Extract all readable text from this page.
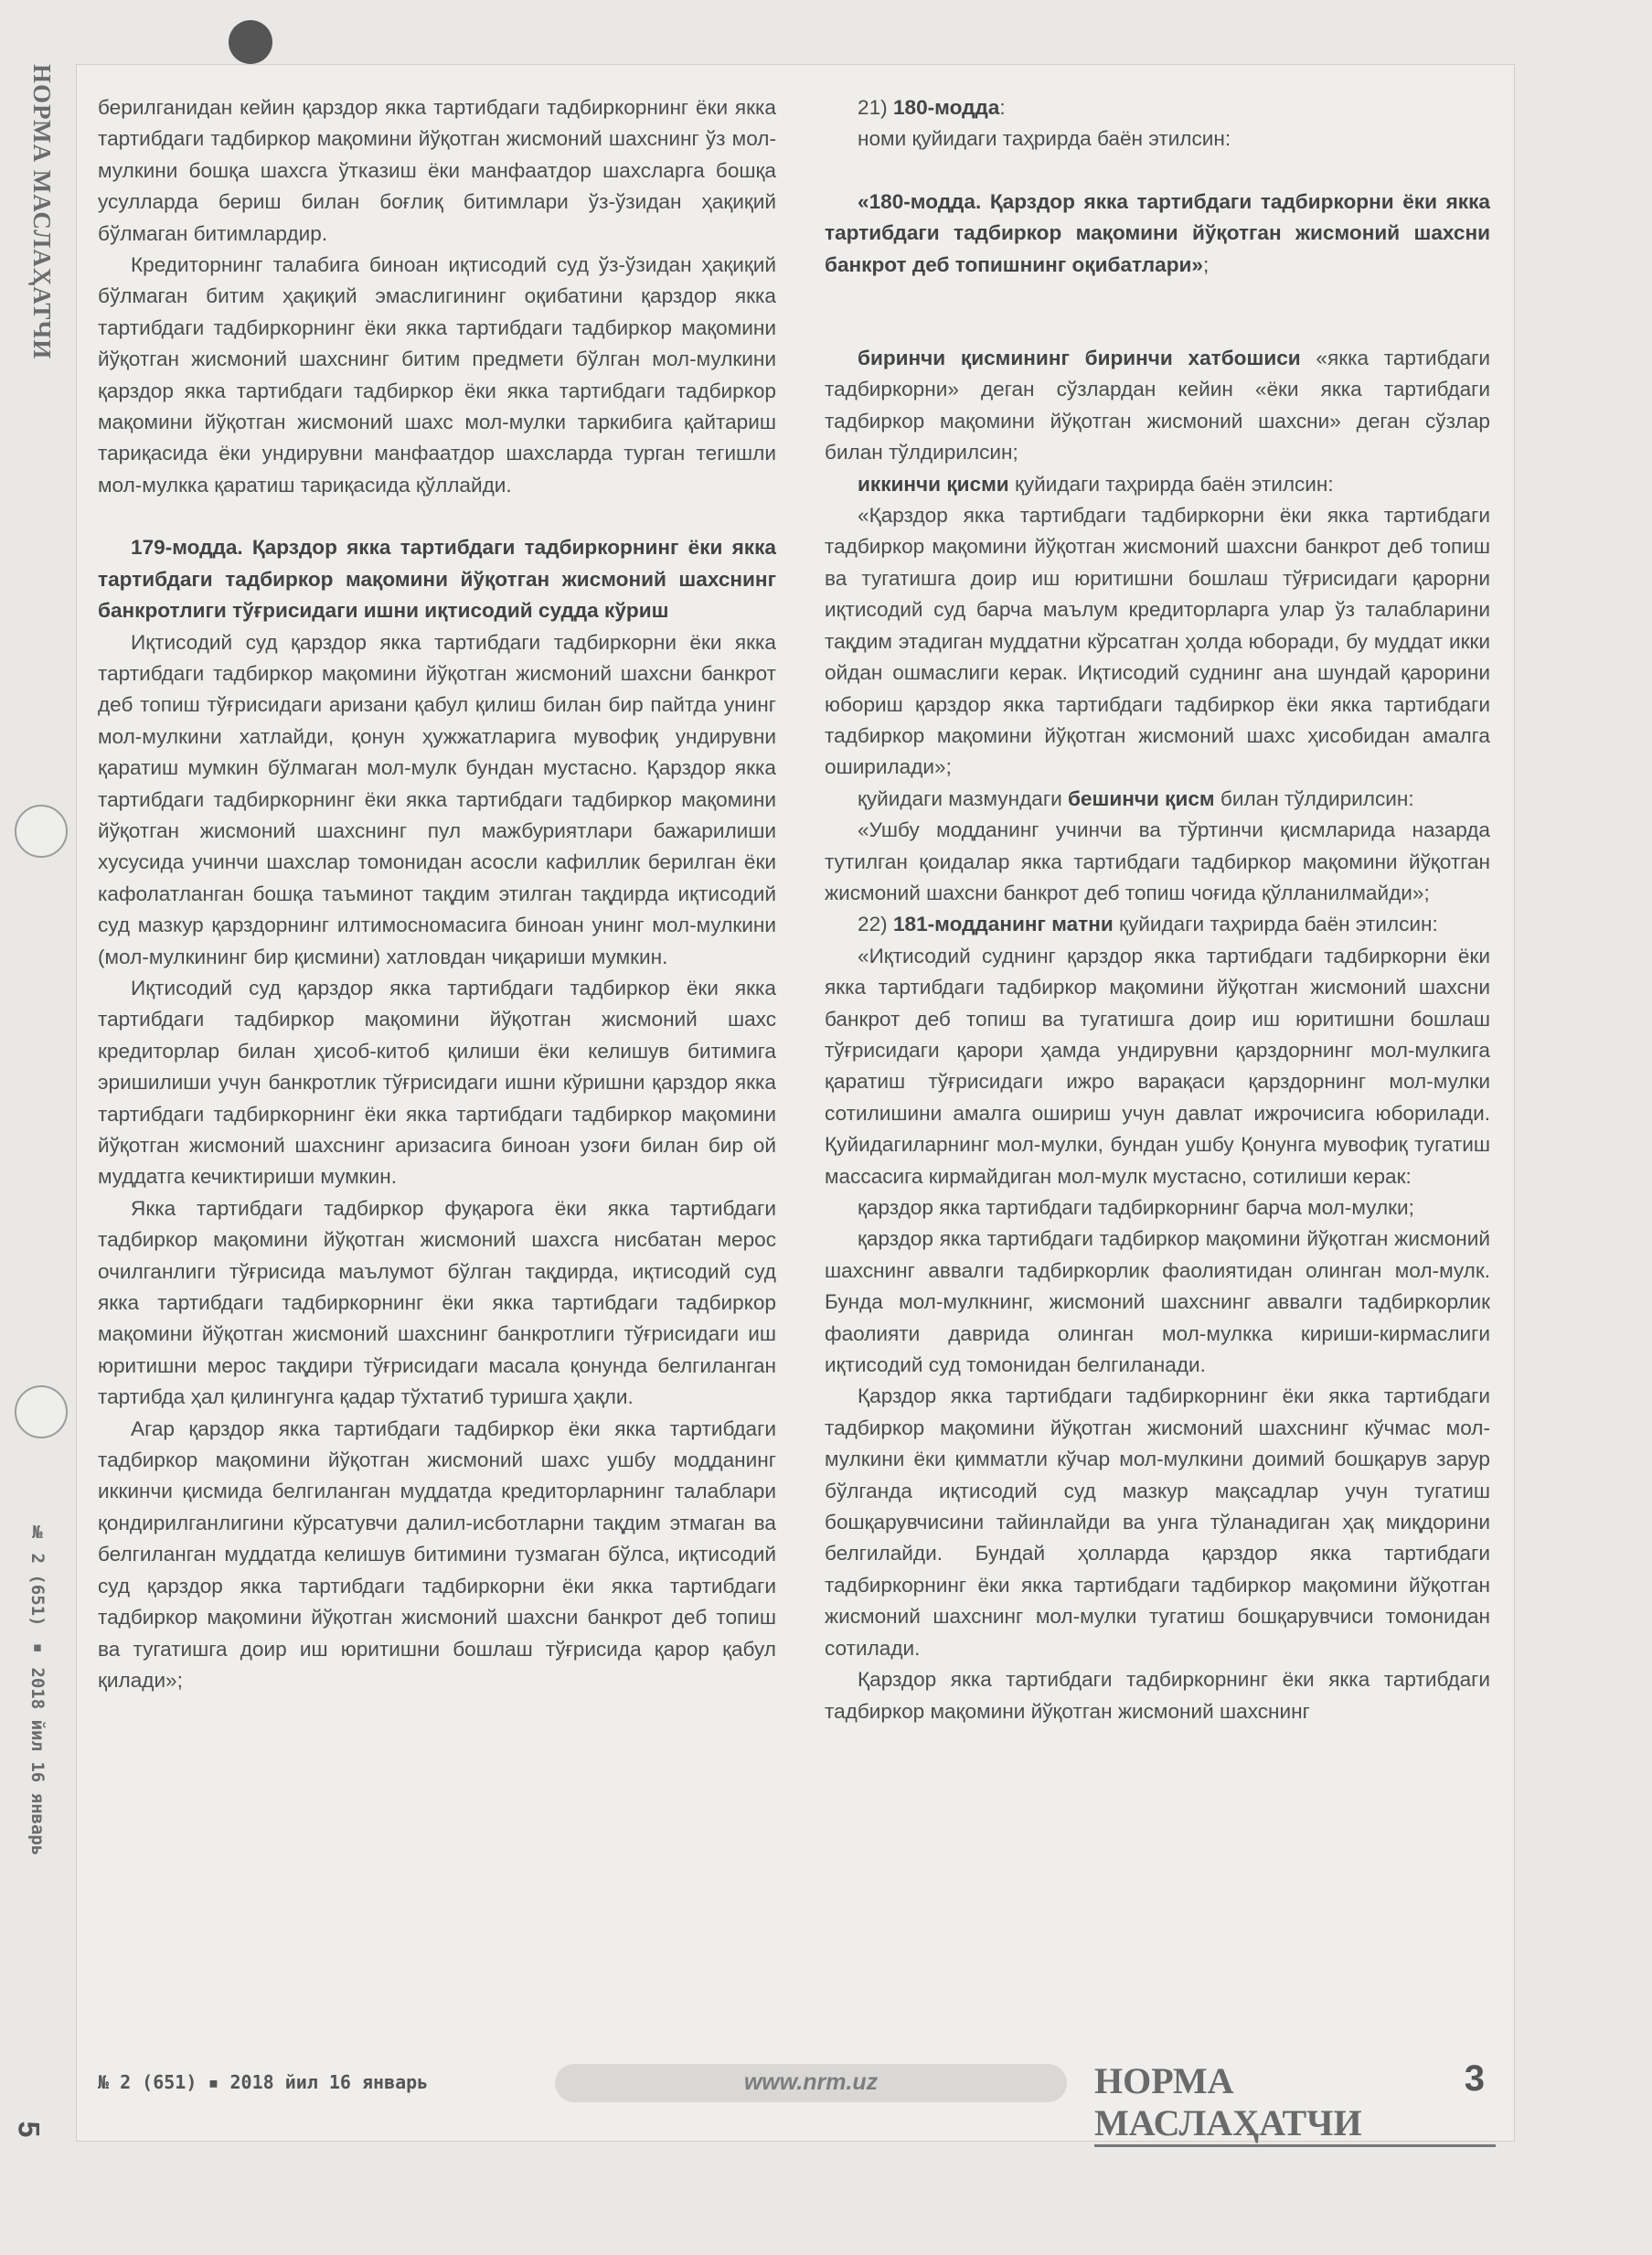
НОРМА МАСЛАҲАТЧИ
№ 2 (651) ▪ 2018 йил 16 январь
5

берилганидан кейин қарздор якка тартибдаги тадбиркорнинг ёки якка тартибдаги тадбиркор мақомини йўқотган жисмоний шахснинг ўз мол-мулкини бошқа шахсга ўтказиш ёки манфаатдор шахсларга бошқа усулларда бериш билан боғлиқ битимлари ўз-ўзидан ҳақиқий бўлмаган битимлардир.

Кредиторнинг талабига биноан иқтисодий суд ўз-ўзидан ҳақиқий бўлмаган битим ҳақиқий эмаслигининг оқибатини қарздор якка тартибдаги тадбиркорнинг ёки якка тартибдаги тадбиркор мақомини йўқотган жисмоний шахснинг битим предмети бўлган мол-мулкини қарздор якка тартибдаги тадбиркор ёки якка тартибдаги тадбиркор мақомини йўқотган жисмоний шахс мол-мулки таркибига қайтариш тариқасида ёки ундирувни манфаатдор шахсларда турган тегишли мол-мулкка қаратиш тариқасида қўллайди.

179-модда. Қарздор якка тартибдаги тадбиркорнинг ёки якка тартибдаги тадбиркор мақомини йўқотган жисмоний шахснинг банкротлиги тўғрисидаги ишни иқтисодий судда кўриш

Иқтисодий суд қарздор якка тартибдаги тадбиркорни ёки якка тартибдаги тадбиркор мақомини йўқотган жисмоний шахсни банкрот деб топиш тўғрисидаги аризани қабул қилиш билан бир пайтда унинг мол-мулкини хатлайди, қонун ҳужжатларига мувофиқ ундирувни қаратиш мумкин бўлмаган мол-мулк бундан мустасно. Қарздор якка тартибдаги тадбиркорнинг ёки якка тартибдаги тадбиркор мақомини йўқотган жисмоний шахснинг пул мажбуриятлари бажарилиши хусусида учинчи шахслар томонидан асосли кафиллик берилган ёки кафолатланган бошқа таъминот тақдим этилган тақдирда иқтисодий суд мазкур қарздорнинг илтимосномасига биноан унинг мол-мулкини (мол-мулкининг бир қисмини) хатловдан чиқариши мумкин.

Иқтисодий суд қарздор якка тартибдаги тадбиркор ёки якка тартибдаги тадбиркор мақомини йўқотган жисмоний шахс кредиторлар билан ҳисоб-китоб қилиши ёки келишув битимига эришилиши учун банкротлик тўғрисидаги ишни кўришни қарздор якка тартибдаги тадбиркорнинг ёки якка тартибдаги тадбиркор мақомини йўқотган жисмоний шахснинг аризасига биноан узоғи билан бир ой муддатга кечиктириши мумкин.

Якка тартибдаги тадбиркор фуқарога ёки якка тартибдаги тадбиркор мақомини йўқотган жисмоний шахсга нисбатан мерос очилганлиги тўғрисида маълумот бўлган тақдирда, иқтисодий суд якка тартибдаги тадбиркорнинг ёки якка тартибдаги тадбиркор мақомини йўқотган жисмоний шахснинг банкротлиги тўғрисидаги иш юритишни мерос тақдири тўғрисидаги масала қонунда белгиланган тартибда ҳал қилингунга қадар тўхтатиб туришга ҳақли.

Агар қарздор якка тартибдаги тадбиркор ёки якка тартибдаги тадбиркор мақомини йўқотган жисмоний шахс ушбу модданинг иккинчи қисмида белгиланган муддатда кредиторларнинг талаблари қондирилганлигини кўрсатувчи далил-исботларни тақдим этмаган ва белгиланган муддатда келишув битимини тузмаган бўлса, иқтисодий суд қарздор якка тартибдаги тадбиркорни ёки якка тартибдаги тадбиркор мақомини йўқотган жисмоний шахсни банкрот деб топиш ва тугатишга доир иш юритишни бошлаш тўғрисида қарор қабул қилади»;

21) 180-модда:

номи қуйидаги таҳрирда баён этилсин:

«180-модда. Қарздор якка тартибдаги тадбиркорни ёки якка тартибдаги тадбиркор мақомини йўқотган жисмоний шахсни банкрот деб топишнинг оқибатлари»;

биринчи қисмининг биринчи хатбошиси «якка тартибдаги тадбиркорни» деган сўзлардан кейин «ёки якка тартибдаги тадбиркор мақомини йўқотган жисмоний шахсни» деган сўзлар билан тўлдирилсин;

иккинчи қисми қуйидаги таҳрирда баён этилсин:

«Қарздор якка тартибдаги тадбиркорни ёки якка тартибдаги тадбиркор мақомини йўқотган жисмоний шахсни банкрот деб топиш ва тугатишга доир иш юритишни бошлаш тўғрисидаги қарорни иқтисодий суд барча маълум кредиторларга улар ўз талабларини тақдим этадиган муддатни кўрсатган ҳолда юборади, бу муддат икки ойдан ошмаслиги керак. Иқтисодий суднинг ана шундай қарорини юбориш қарздор якка тартибдаги тадбиркор ёки якка тартибдаги тадбиркор мақомини йўқотган жисмоний шахс ҳисобидан амалга оширилади»;

қуйидаги мазмундаги бешинчи қисм билан тўлдирилсин:

«Ушбу модданинг учинчи ва тўртинчи қисмларида назарда тутилган қоидалар якка тартибдаги тадбиркор мақомини йўқотган жисмоний шахсни банкрот деб топиш чоғида қўлланилмайди»;

22) 181-модданинг матни қуйидаги таҳрирда баён этилсин:

«Иқтисодий суднинг қарздор якка тартибдаги тадбиркорни ёки якка тартибдаги тадбиркор мақомини йўқотган жисмоний шахсни банкрот деб топиш ва тугатишга доир иш юритишни бошлаш тўғрисидаги қарори ҳамда ундирувни қарздорнинг мол-мулкига қаратиш тўғрисидаги ижро варақаси қарздорнинг мол-мулки сотилишини амалга ошириш учун давлат ижрочисига юборилади. Қуйидагиларнинг мол-мулки, бундан ушбу Қонунга мувофиқ тугатиш массасига кирмайдиган мол-мулк мустасно, сотилиши керак:

қарздор якка тартибдаги тадбиркорнинг барча мол-мулки;

қарздор якка тартибдаги тадбиркор мақомини йўқотган жисмоний шахснинг аввалги тадбиркорлик фаолиятидан олинган мол-мулк. Бунда мол-мулкнинг, жисмоний шахснинг аввалги тадбиркорлик фаолияти даврида олинган мол-мулкка кириши-кирмаслиги иқтисодий суд томонидан белгиланади.

Қарздор якка тартибдаги тадбиркорнинг ёки якка тартибдаги тадбиркор мақомини йўқотган жисмоний шахснинг кўчмас мол-мулкини ёки қимматли кўчар мол-мулкини доимий бошқарув зарур бўлганда иқтисодий суд мазкур мақсадлар учун тугатиш бошқарувчисини тайинлайди ва унга тўланадиган ҳақ миқдорини белгилайди. Бундай ҳолларда қарздор якка тартибдаги тадбиркорнинг ёки якка тартибдаги тадбиркор мақомини йўқотган жисмоний шахснинг мол-мулки тугатиш бошқарувчиси томонидан сотилади.

Қарздор якка тартибдаги тадбиркорнинг ёки якка тартибдаги тадбиркор мақомини йўқотган жисмоний шахснинг

№ 2 (651) ▪ 2018 йил 16 январь	www.nrm.uz	НОРМА МАСЛАҲАТЧИ
3
